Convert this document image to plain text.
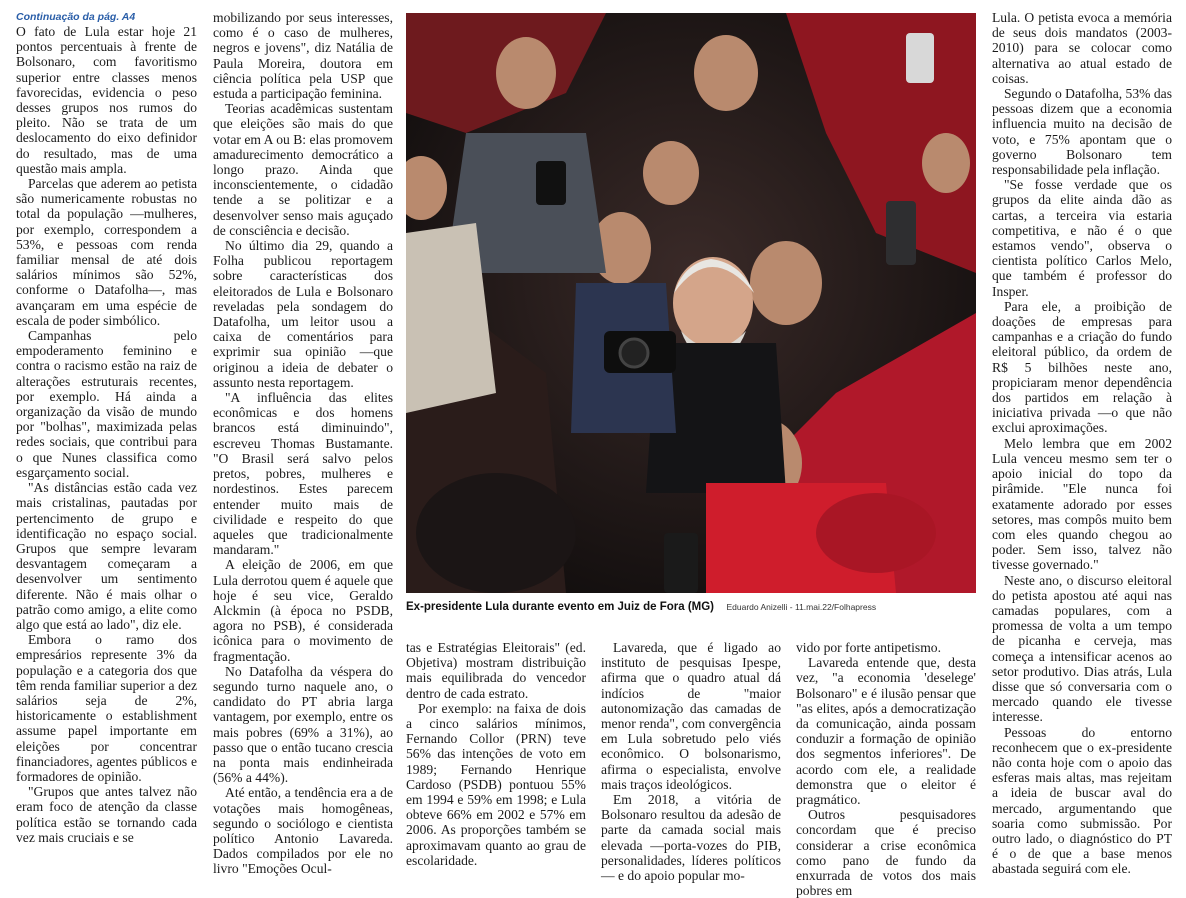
Continuação da pág. A4

O fato de Lula estar hoje 21 pontos percentuais à frente de Bolsonaro, com favoritismo superior entre classes menos favorecidas, evidencia o peso desses grupos nos rumos do pleito. Não se trata de um deslocamento do eixo definidor do resultado, mas de uma questão mais ampla.

Parcelas que aderem ao petista são numericamente robustas no total da população —mulheres, por exemplo, correspondem a 53%, e pessoas com renda familiar mensal de até dois salários mínimos são 52%, conforme o Datafolha—, mas avançaram em uma espécie de escala de poder simbólico.

Campanhas pelo empoderamento feminino e contra o racismo estão na raiz de alterações estruturais recentes, por exemplo. Há ainda a organização da visão de mundo por "bolhas", maximizada pelas redes sociais, que contribui para o que Nunes classifica como esgarçamento social.

"As distâncias estão cada vez mais cristalinas, pautadas por pertencimento de grupo e identificação no espaço social. Grupos que sempre levaram desvantagem começaram a desenvolver um sentimento diferente. Não é mais olhar o patrão como amigo, a elite como algo que está ao lado", diz ele.

Embora o ramo dos empresários represente 3% da população e a categoria dos que têm renda familiar superior a dez salários seja de 2%, historicamente o establishment assume papel importante em eleições por concentrar financiadores, agentes públicos e formadores de opinião.

"Grupos que antes talvez não eram foco de atenção da classe política estão se tornando cada vez mais cruciais e se

mobilizando por seus interesses, como é o caso de mulheres, negros e jovens", diz Natália de Paula Moreira, doutora em ciência política pela USP que estuda a participação feminina.

Teorias acadêmicas sustentam que eleições são mais do que votar em A ou B: elas promovem amadurecimento democrático a longo prazo. Ainda que inconscientemente, o cidadão tende a se politizar e a desenvolver senso mais aguçado de consciência e decisão.

No último dia 29, quando a Folha publicou reportagem sobre características dos eleitorados de Lula e Bolsonaro reveladas pela sondagem do Datafolha, um leitor usou a caixa de comentários para exprimir sua opinião —que originou a ideia de debater o assunto nesta reportagem.

"A influência das elites econômicas e dos homens brancos está diminuindo", escreveu Thomas Bustamante. "O Brasil será salvo pelos pretos, pobres, mulheres e nordestinos. Estes parecem entender muito mais de civilidade e respeito do que aqueles que tradicionalmente mandaram."

A eleição de 2006, em que Lula derrotou quem é aquele que hoje é seu vice, Geraldo Alckmin (à época no PSDB, agora no PSB), é considerada icônica para o movimento de fragmentação.

No Datafolha da véspera do segundo turno naquele ano, o candidato do PT abria larga vantagem, por exemplo, entre os mais pobres (69% a 31%), ao passo que o então tucano crescia na ponta mais endinheirada (56% a 44%).

Até então, a tendência era a de votações mais homogêneas, segundo o sociólogo e cientista político Antonio Lavareda. Dados compilados por ele no livro "Emoções Ocul-

Ex-presidente Lula durante evento em Juiz de Fora (MG) Eduardo Anizelli - 11.mai.22/Folhapress

tas e Estratégias Eleitorais" (ed. Objetiva) mostram distribuição mais equilibrada do vencedor dentro de cada estrato.

Por exemplo: na faixa de dois a cinco salários mínimos, Fernando Collor (PRN) teve 56% das intenções de voto em 1989; Fernando Henrique Cardoso (PSDB) pontuou 55% em 1994 e 59% em 1998; e Lula obteve 66% em 2002 e 57% em 2006. As proporções também se aproximavam quanto ao grau de escolaridade.

Lavareda, que é ligado ao instituto de pesquisas Ipespe, afirma que o quadro atual dá indícios de "maior autonomização das camadas de menor renda", com convergência em Lula sobretudo pelo viés econômico. O bolsonarismo, afirma o especialista, envolve mais traços ideológicos.

Em 2018, a vitória de Bolsonaro resultou da adesão de parte da camada social mais elevada —porta-vozes do PIB, personalidades, líderes políticos— e do apoio popular mo-

vido por forte antipetismo.

Lavareda entende que, desta vez, "a economia 'deselege' Bolsonaro" e é ilusão pensar que "as elites, após a democratização da comunicação, ainda possam conduzir a formação de opinião dos segmentos inferiores". De acordo com ele, a realidade demonstra que o eleitor é pragmático.

Outros pesquisadores concordam que é preciso considerar a crise econômica como pano de fundo da enxurrada de votos dos mais pobres em

Lula. O petista evoca a memória de seus dois mandatos (2003-2010) para se colocar como alternativa ao atual estado de coisas.

Segundo o Datafolha, 53% das pessoas dizem que a economia influencia muito na decisão de voto, e 75% apontam que o governo Bolsonaro tem responsabilidade pela inflação.

"Se fosse verdade que os grupos da elite ainda dão as cartas, a terceira via estaria competitiva, e não é o que estamos vendo", observa o cientista político Carlos Melo, que também é professor do Insper.

Para ele, a proibição de doações de empresas para campanhas e a criação do fundo eleitoral público, da ordem de R$ 5 bilhões neste ano, propiciaram menor dependência dos partidos em relação à iniciativa privada —o que não exclui aproximações.

Melo lembra que em 2002 Lula venceu mesmo sem ter o apoio inicial do topo da pirâmide. "Ele nunca foi exatamente adorado por esses setores, mas compôs muito bem com eles quando chegou ao poder. Sem isso, talvez não tivesse governado."

Neste ano, o discurso eleitoral do petista apostou até aqui nas camadas populares, com a promessa de volta a um tempo de picanha e cerveja, mas começa a intensificar acenos ao setor produtivo. Dias atrás, Lula disse que só conversaria com o mercado quando ele tivesse interesse.

Pessoas do entorno reconhecem que o ex-presidente não conta hoje com o apoio das esferas mais altas, mas rejeitam a ideia de buscar aval do mercado, argumentando que soaria como submissão. Por outro lado, o diagnóstico do PT é o de que a base menos abastada seguirá com ele.
